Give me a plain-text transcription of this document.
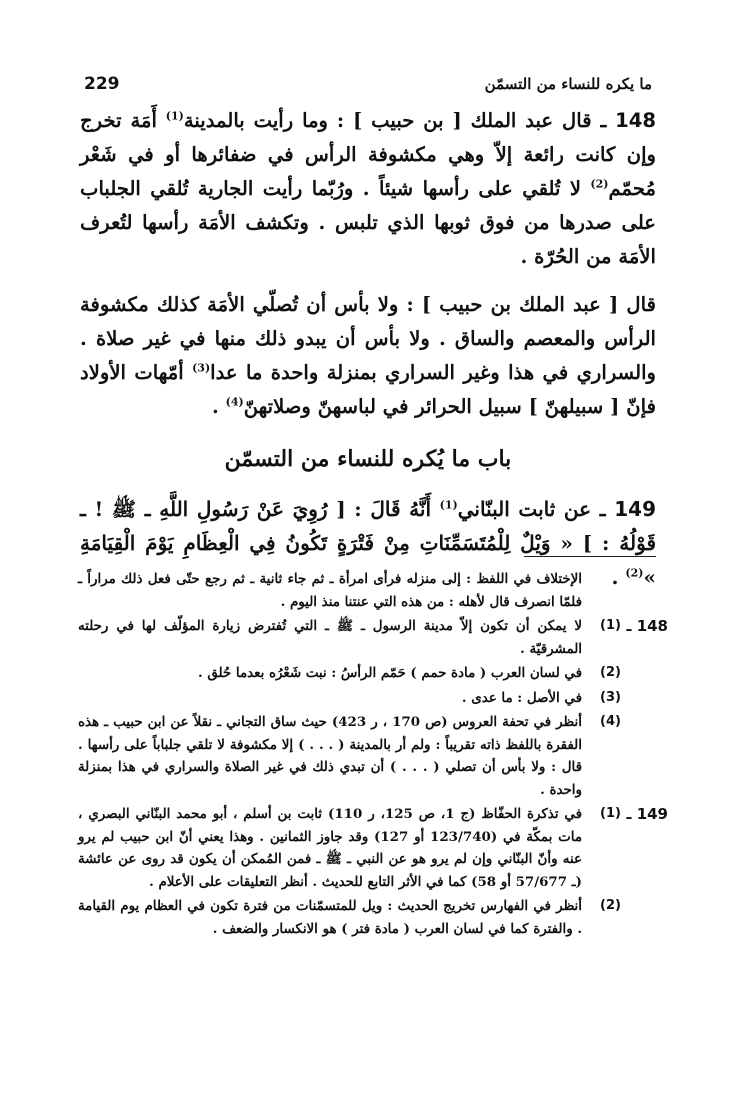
ما يكره للنساء من التسمّن
229

148 ـ قال عبد الملك [ بن حبيب ] : وما رأيت بالمدينة$^{(1)}$ أَمَة تخرج وإن كانت رائعة إلاّ وهي مكشوفة الرأس في ضفائرها أو في شَعْر مُحمّم$^{(2)}$ لا تُلقي على رأسها شيئاً . ورُبّما رأيت الجارية تُلقي الجلباب على صدرها من فوق ثوبها الذي تلبس . وتكشف الأمَة رأسها لتُعرف الأمَة من الحُرّة .

قال [ عبد الملك بن حبيب ] : ولا بأس أن تُصلّي الأمَة كذلك مكشوفة الرأس والمعصم والساق . ولا بأس أن يبدو ذلك منها في غير صلاة . والسراري في هذا وغير السراري بمنزلة واحدة ما عدا$^{(3)}$ أمّهات الأولاد فإنّ [ سبيلهنّ ] سبيل الحرائر في لباسهنّ وصلاتهنّ$^{(4)}$ .

باب ما يُكره للنساء من التسمّن

149 ـ عن ثابت البنّاني$^{(1)}$ أَنَّهُ قَالَ : [ رُوِيَ عَنْ رَسُولِ اللَّهِ ـ ﷺ ! ـ قَوْلُهُ : ] « وَيْلٌ لِلْمُتَسَمِّنَاتِ مِنْ فَتْرَةٍ تَكُونُ فِي الْعِظَامِ يَوْمَ الْقِيَامَةِ »$^{(2)}$ .

الإختلاف في اللفظ : إلى منزله فرأى امرأة ـ ثم جاء ثانية ـ ثم رجع حتّى فعل ذلك مراراً ـ فلمّا انصرف قال لأهله : من هذه التي عنتنا منذ اليوم .
148 ـ
(1)
لا يمكن أن تكون إلاّ مدينة الرسول ـ ﷺ ـ التي تُفترض زيارة المؤلّف لها في رحلته المشرقيّة .
(2)
في لسان العرب ( مادة حمم ) حَمّم الرأسُ : نبت شَعْرُه بعدما حُلق .
(3)
في الأصل : ما عدى .
(4)
أنظر في تحفة العروس (ص 170 ، ر 423) حيث ساق التجاني ـ نقلاً عن ابن حبيب ـ هذه الفقرة باللفظ ذاته تقريباً : ولم أر بالمدينة ( . . . ) إلا مكشوفة لا تلقي جلباباً على رأسها . قال : ولا بأس أن تصلي ( . . . ) أن تبدي ذلك في غير الصلاة والسراري في هذا بمنزلة واحدة .
149 ـ
(1)
في تذكرة الحفّاظ (ج 1، ص 125، ر 110) ثابت بن أسلم ، أبو محمد البنّاني البصري ، مات بمكّة في (123/740 أو 127) وقد جاوز الثمانين . وهذا يعني أنّ ابن حبيب لم يرو عنه وأنّ البنّاني وإن لم يرو هو عن النبي ـ ﷺ ـ فمن المُمكن أن يكون قد روى عن عائشة (ـ 57/677 أو 58) كما في الأثر التابع للحديث . أنظر التعليقات على الأعلام .
(2)
أنظر في الفهارس تخريج الحديث : ويل للمتسمّنات من فترة تكون في العظام يوم القيامة . والفترة كما في لسان العرب ( مادة فتر ) هو الانكسار والضعف .
